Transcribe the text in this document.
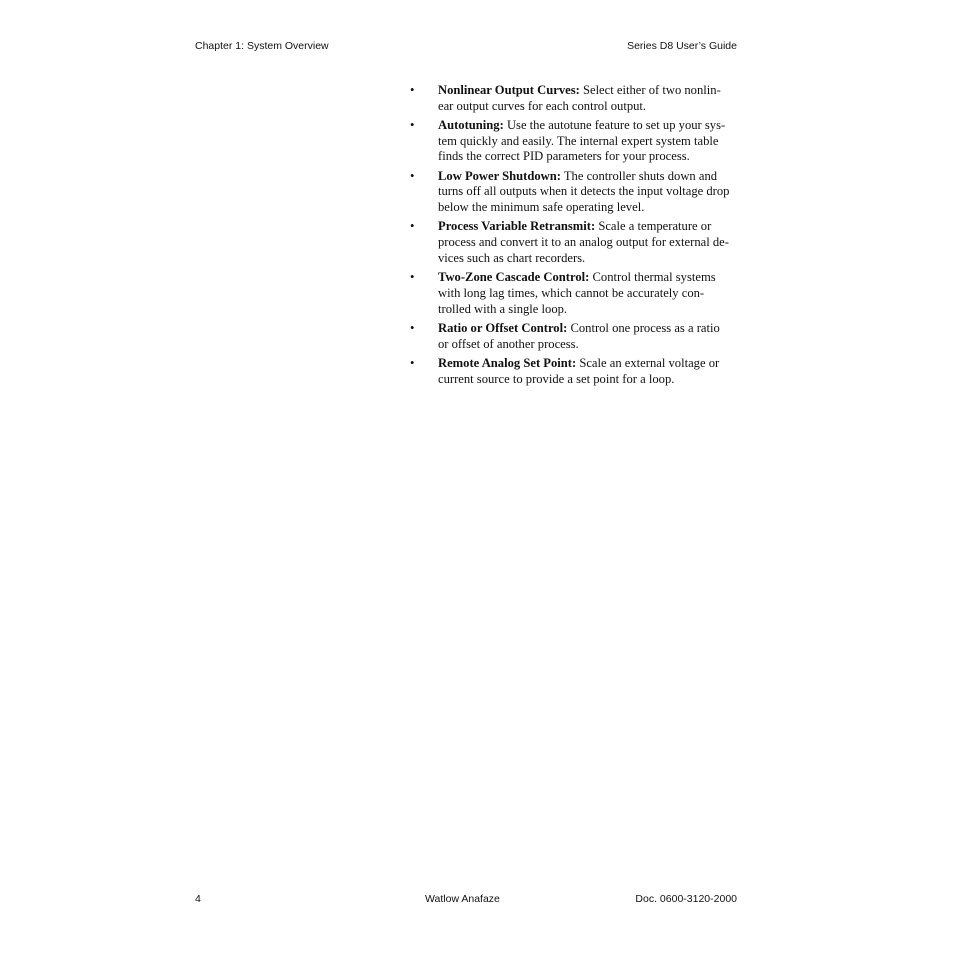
Chapter 1: System Overview	Series D8 User’s Guide
• Nonlinear Output Curves: Select either of two nonlin-
ear output curves for each control output.
• Autotuning: Use the autotune feature to set up your sys-
tem quickly and easily. The internal expert system table
finds the correct PID parameters for your process.
• Low Power Shutdown: The controller shuts down and
turns off all outputs when it detects the input voltage drop
below the minimum safe operating level.
• Process Variable Retransmit: Scale a temperature or
process and convert it to an analog output for external de-
vices such as chart recorders.
• Two-Zone Cascade Control: Control thermal systems
with long lag times, which cannot be accurately con-
trolled with a single loop.
• Ratio or Offset Control: Control one process as a ratio
or offset of another process.
• Remote Analog Set Point: Scale an external voltage or
current source to provide a set point for a loop.
4	Watlow Anafaze	Doc. 0600-3120-2000
